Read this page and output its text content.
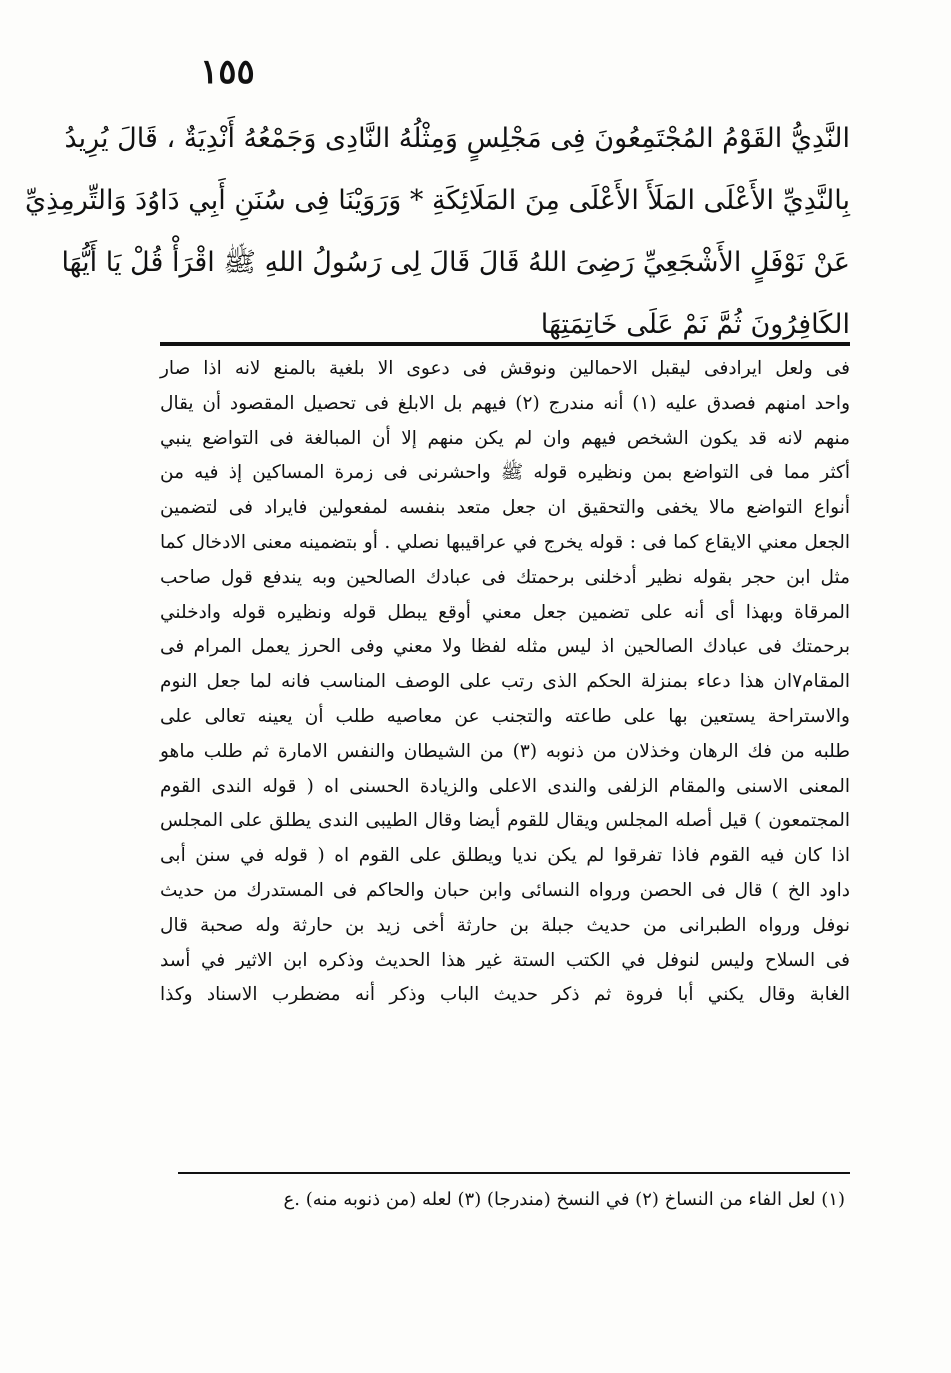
١٥٥
النَّدِيُّ القَوْمُ المُجْتَمِعُونَ فِى مَجْلِسٍ وَمِثْلُهُ النَّادِى وَجَمْعُهُ أَنْدِيَةٌ ، قَالَ يُرِيدُ
بِالنَّدِيِّ الأَعْلَى المَلَأَ الأَعْلَى مِنَ المَلَائِكَةِ * وَرَوَيْنَا فِى سُنَنِ أَبِي دَاوُدَ وَالتِّرمِذِيِّ
عَنْ نَوْفَلٍ الأَشْجَعِيِّ رَضِىَ اللهُ قَالَ قَالَ لِى رَسُولُ اللهِ ﷺ اقْرَأْ قُلْ يَا أَيُّهَا
الكَافِرُونَ ثُمَّ نَمْ عَلَى خَاتِمَتِهَا
فى ولعل ايرادفى ليقبل الاحمالين ونوقش فى دعوى الا بلغية بالمنع لانه اذا صار
واحد امنهم فصدق عليه (١) أنه مندرج (٢) فيهم بل الابلغ فى تحصيل المقصود أن يقال
منهم لانه قد يكون الشخص فيهم وان لم يكن منهم إلا أن المبالغة فى التواضع ينبي
أكثر مما فى التواضع بمن ونظيره قوله ﷺ واحشرنى فى زمرة المساكين إذ فيه من
أنواع التواضع مالا يخفى والتحقيق ان جعل متعد بنفسه لمفعولين فايراد فى لتضمين
الجعل معني الايقاع كما فى : قوله يخرج في عراقيبها نصلي . أو بتضمينه معنى الادخال كما
مثل ابن حجر بقوله نظير أدخلنى برحمتك فى عبادك الصالحين وبه يندفع قول صاحب
المرقاة وبهذا أى أنه على تضمين جعل معني أوقع يبطل قوله ونظيره قوله وادخلني
برحمتك فى عبادك الصالحين اذ ليس مثله لفظا ولا معني وفى الحرز يعمل المرام فى
المقام٧ان هذا دعاء بمنزلة الحكم الذى رتب على الوصف المناسب فانه لما جعل النوم
والاستراحة يستعين بها على طاعته والتجنب عن معاصيه طلب أن يعينه تعالى على
طلبه من فك الرهان وخذلان من ذنوبه (٣) من الشيطان والنفس الامارة ثم طلب ماهو
المعنى الاسنى والمقام الزلفى والندى الاعلى والزيادة الحسنى اه ( قوله الندى القوم
المجتمعون ) قيل أصله المجلس ويقال للقوم أيضا وقال الطيبى الندى يطلق على المجلس
اذا كان فيه القوم فاذا تفرقوا لم يكن نديا ويطلق على القوم اه ( قوله في سنن أبى
داود الخ ) قال فى الحصن ورواه النسائى وابن حبان والحاكم فى المستدرك من حديث
نوفل ورواه الطبرانى من حديث جبلة بن حارثة أخى زيد بن حارثة وله صحبة قال
فى السلاح وليس لنوفل في الكتب الستة غير هذا الحديث وذكره ابن الاثير في أسد
الغابة وقال يكني أبا فروة ثم ذكر حديث الباب وذكر أنه مضطرب الاسناد وكذا
(١) لعل الفاء من النساخ (٢) في النسخ (مندرجا) (٣) لعله (من ذنوبه منه) .ع
